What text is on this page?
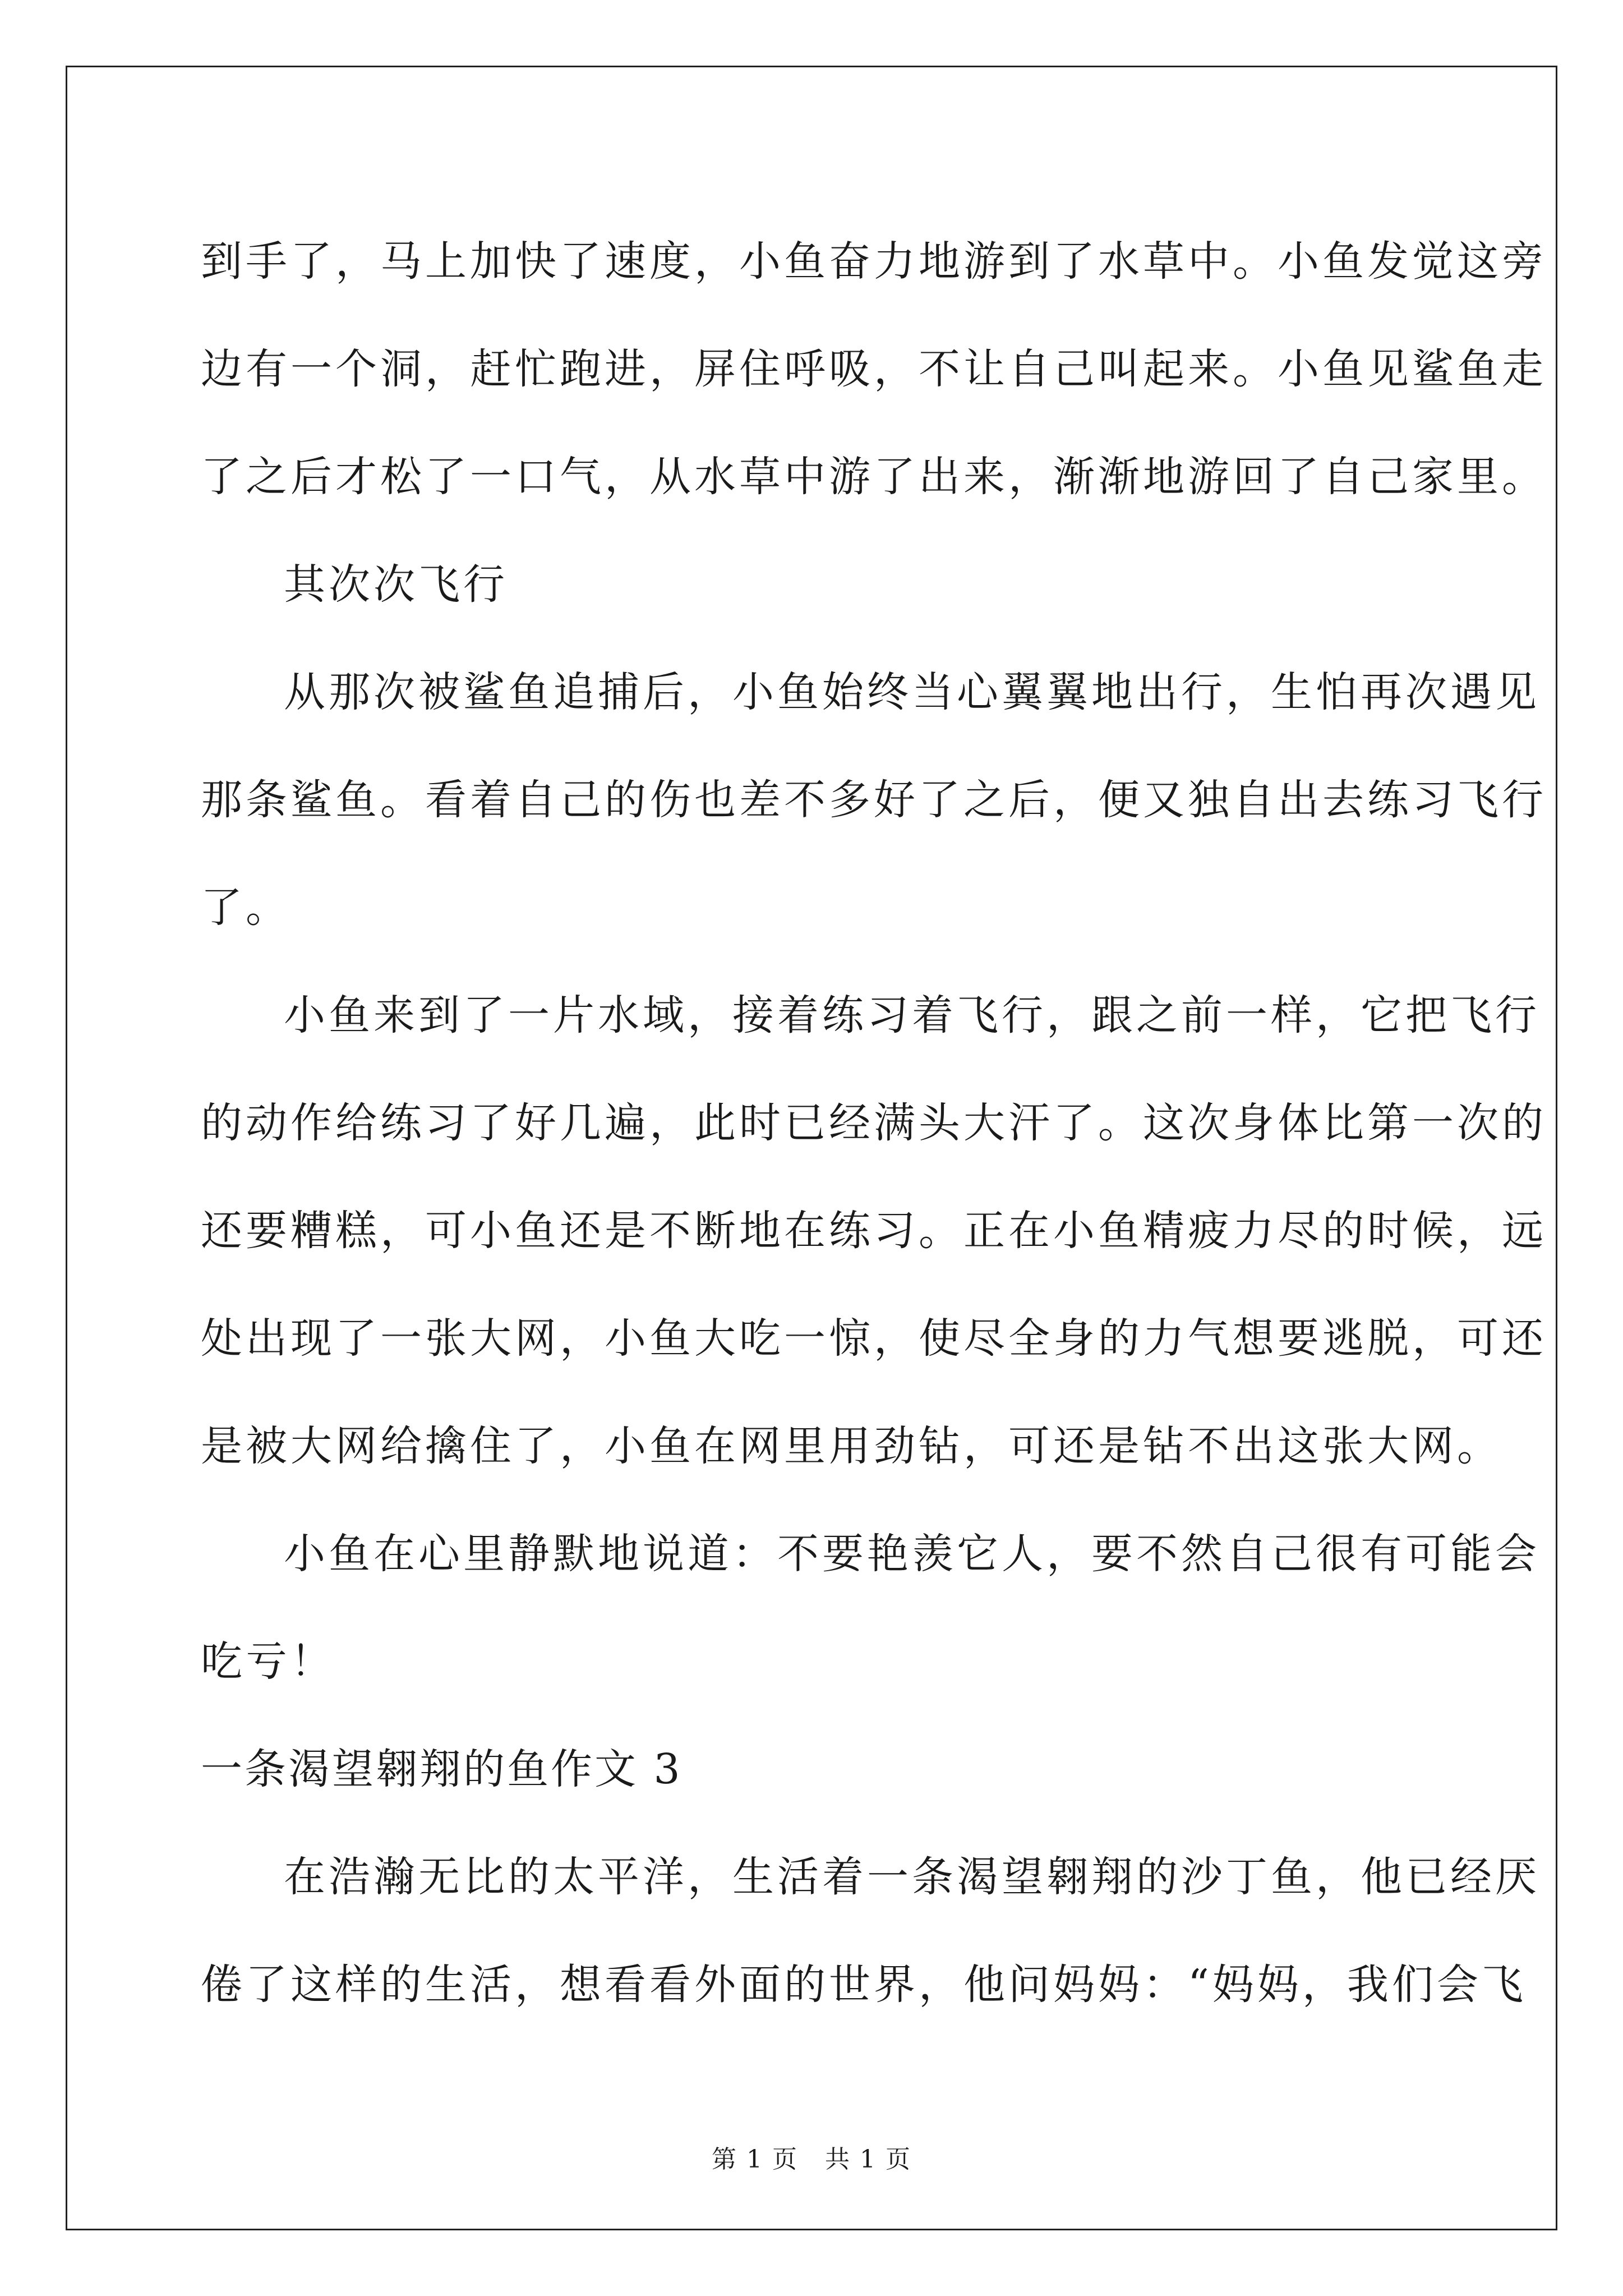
到手了，马上加快了速度，小鱼奋力地游到了水草中。小鱼发觉这旁
边有一个洞，赶忙跑进，屏住呼吸，不让自己叫起来。小鱼见鲨鱼走
了之后才松了一口气，从水草中游了出来，渐渐地游回了自己家里。
其次次飞行
从那次被鲨鱼追捕后，小鱼始终当心翼翼地出行，生怕再次遇见
那条鲨鱼。看着自己的伤也差不多好了之后，便又独自出去练习飞行
了。
小鱼来到了一片水域，接着练习着飞行，跟之前一样，它把飞行
的动作给练习了好几遍，此时已经满头大汗了。这次身体比第一次的
还要糟糕，可小鱼还是不断地在练习。正在小鱼精疲力尽的时候，远
处出现了一张大网，小鱼大吃一惊，使尽全身的力气想要逃脱，可还
是被大网给擒住了，小鱼在网里用劲钻，可还是钻不出这张大网。
小鱼在心里静默地说道：不要艳羡它人，要不然自己很有可能会
吃亏！
一条渴望翱翔的鱼作文 3
在浩瀚无比的太平洋，生活着一条渴望翱翔的沙丁鱼，他已经厌
倦了这样的生活，想看看外面的世界，他问妈妈：“妈妈，我们会飞
第 1 页 共 1 页
